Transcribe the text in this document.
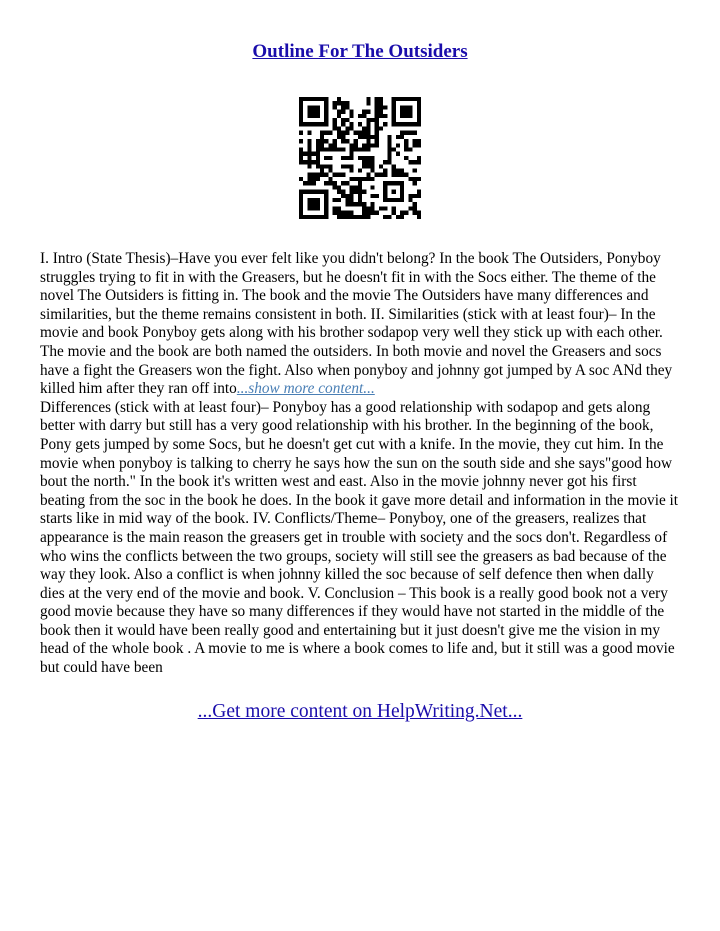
Outline For The Outsiders

I. Intro (State Thesis)–Have you ever felt like you didn't belong? In the book The Outsiders, Ponyboy struggles trying to fit in with the Greasers, but he doesn't fit in with the Socs either. The theme of the novel The Outsiders is fitting in. The book and the movie The Outsiders have many differences and similarities, but the theme remains consistent in both. II. Similarities (stick with at least four)– In the movie and book Ponyboy gets along with his brother sodapop very well they stick up with each other. The movie and the book are both named the outsiders. In both movie and novel the Greasers and socs have a fight the Greasers won the fight. Also when ponyboy and johnny got jumped by A soc ANd they killed him after they ran off into...show more content...

Differences (stick with at least four)– Ponyboy has a good relationship with sodapop and gets along better with darry but still has a very good relationship with his brother. In the beginning of the book, Pony gets jumped by some Socs, but he doesn't get cut with a knife. In the movie, they cut him. In the movie when ponyboy is talking to cherry he says how the sun on the south side and she says"good how bout the north." In the book it's written west and east. Also in the movie johnny never got his first beating from the soc in the book he does. In the book it gave more detail and information in the movie it starts like in mid way of the book. IV. Conflicts/Theme– Ponyboy, one of the greasers, realizes that appearance is the main reason the greasers get in trouble with society and the socs don't. Regardless of who wins the conflicts between the two groups, society will still see the greasers as bad because of the way they look. Also a conflict is when johnny killed the soc because of self defence then when dally dies at the very end of the movie and book. V. Conclusion – This book is a really good book not a very good movie because they have so many differences if they would have not started in the middle of the book then it would have been really good and entertaining but it just doesn't give me the vision in my head of the whole book . A movie to me is where a book comes to life and, but it still was a good movie but could have been

...Get more content on HelpWriting.Net...
